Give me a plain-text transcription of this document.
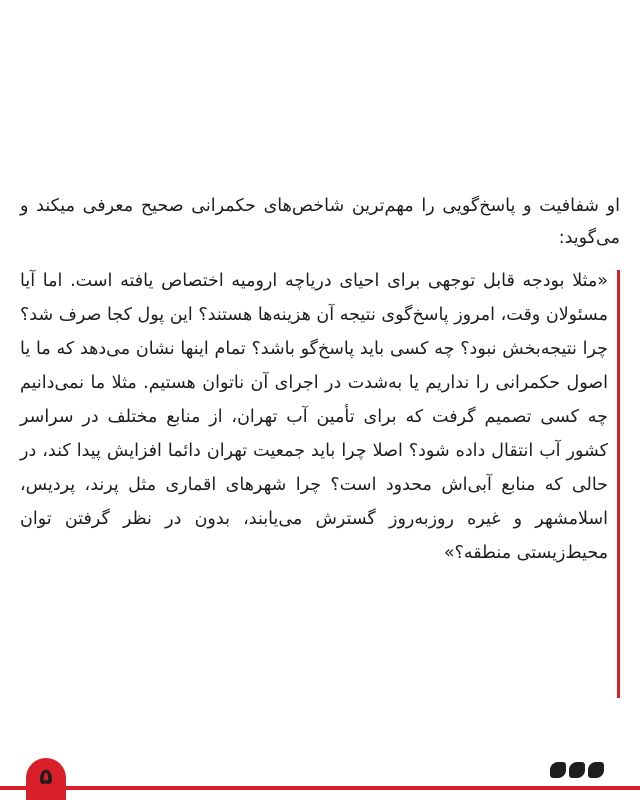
او شفافیت و پاسخ‌گویی را مهم‌ترین شاخص‌های حکمرانی صحیح معرفی میکند و می‌گوید:

«مثلا بودجه قابل توجهی برای احیای دریاچه ارومیه اختصاص یافته است. اما آیا مسئولان وقت، امروز پاسخ‌گوی نتیجه آن هزینه‌ها هستند؟ این پول کجا صرف شد؟ چرا نتیجه‌بخش نبود؟ چه کسی باید پاسخ‌گو باشد؟ تمام اینها نشان می‌دهد که ما یا اصول حکمرانی را نداریم یا به‌شدت در اجرای آن ناتوان هستیم. مثلا ما نمی‌دانیم چه کسی تصمیم گرفت که برای تأمین آب تهران، از منابع مختلف در سراسر کشور آب انتقال داده شود؟ اصلا چرا باید جمعیت تهران دائما افزایش پیدا کند، در حالی که منابع آبی‌اش محدود است؟ چرا شهرهای اقماری مثل پرند، پردیس، اسلامشهر و غیره روزبه‌روز گسترش می‌یابند، بدون در نظر گرفتن توان محیط‌زیستی منطقه؟»

۵
